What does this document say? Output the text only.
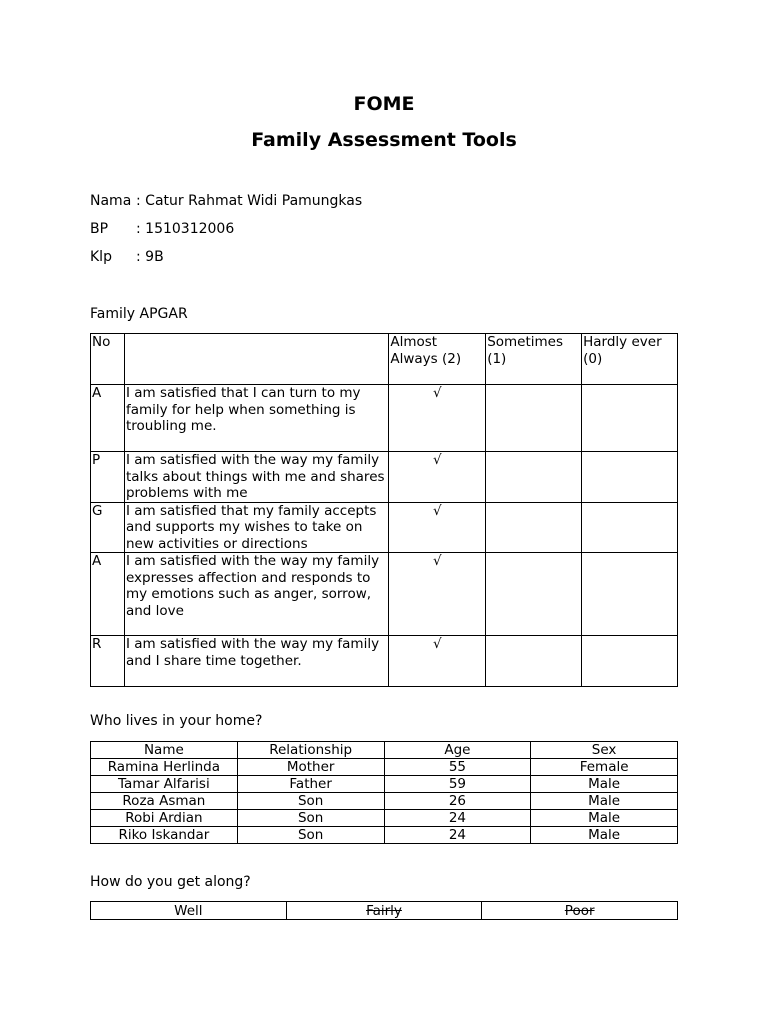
FOME
Family Assessment Tools
Nama : Catur Rahmat Widi Pamungkas
BP : 1510312006
Klp : 9B
Family APGAR
No		Almost Always (2)	Sometimes (1)	Hardly ever (0)
A	I am satisfied that I can turn to my family for help when something is troubling me.	√		
P	I am satisfied with the way my family talks about things with me and shares problems with me	√		
G	I am satisfied that my family accepts and supports my wishes to take on new activities or directions	√		
A	I am satisfied with the way my family expresses affection and responds to my emotions such as anger, sorrow, and love	√		
R	I am satisfied with the way my family and I share time together.	√		
Who lives in your home?
Name	Relationship	Age	Sex
Ramina Herlinda	Mother	55	Female
Tamar Alfarisi	Father	59	Male
Roza Asman	Son	26	Male
Robi Ardian	Son	24	Male
Riko Iskandar	Son	24	Male
How do you get along?
Well	Fairly	Poor
